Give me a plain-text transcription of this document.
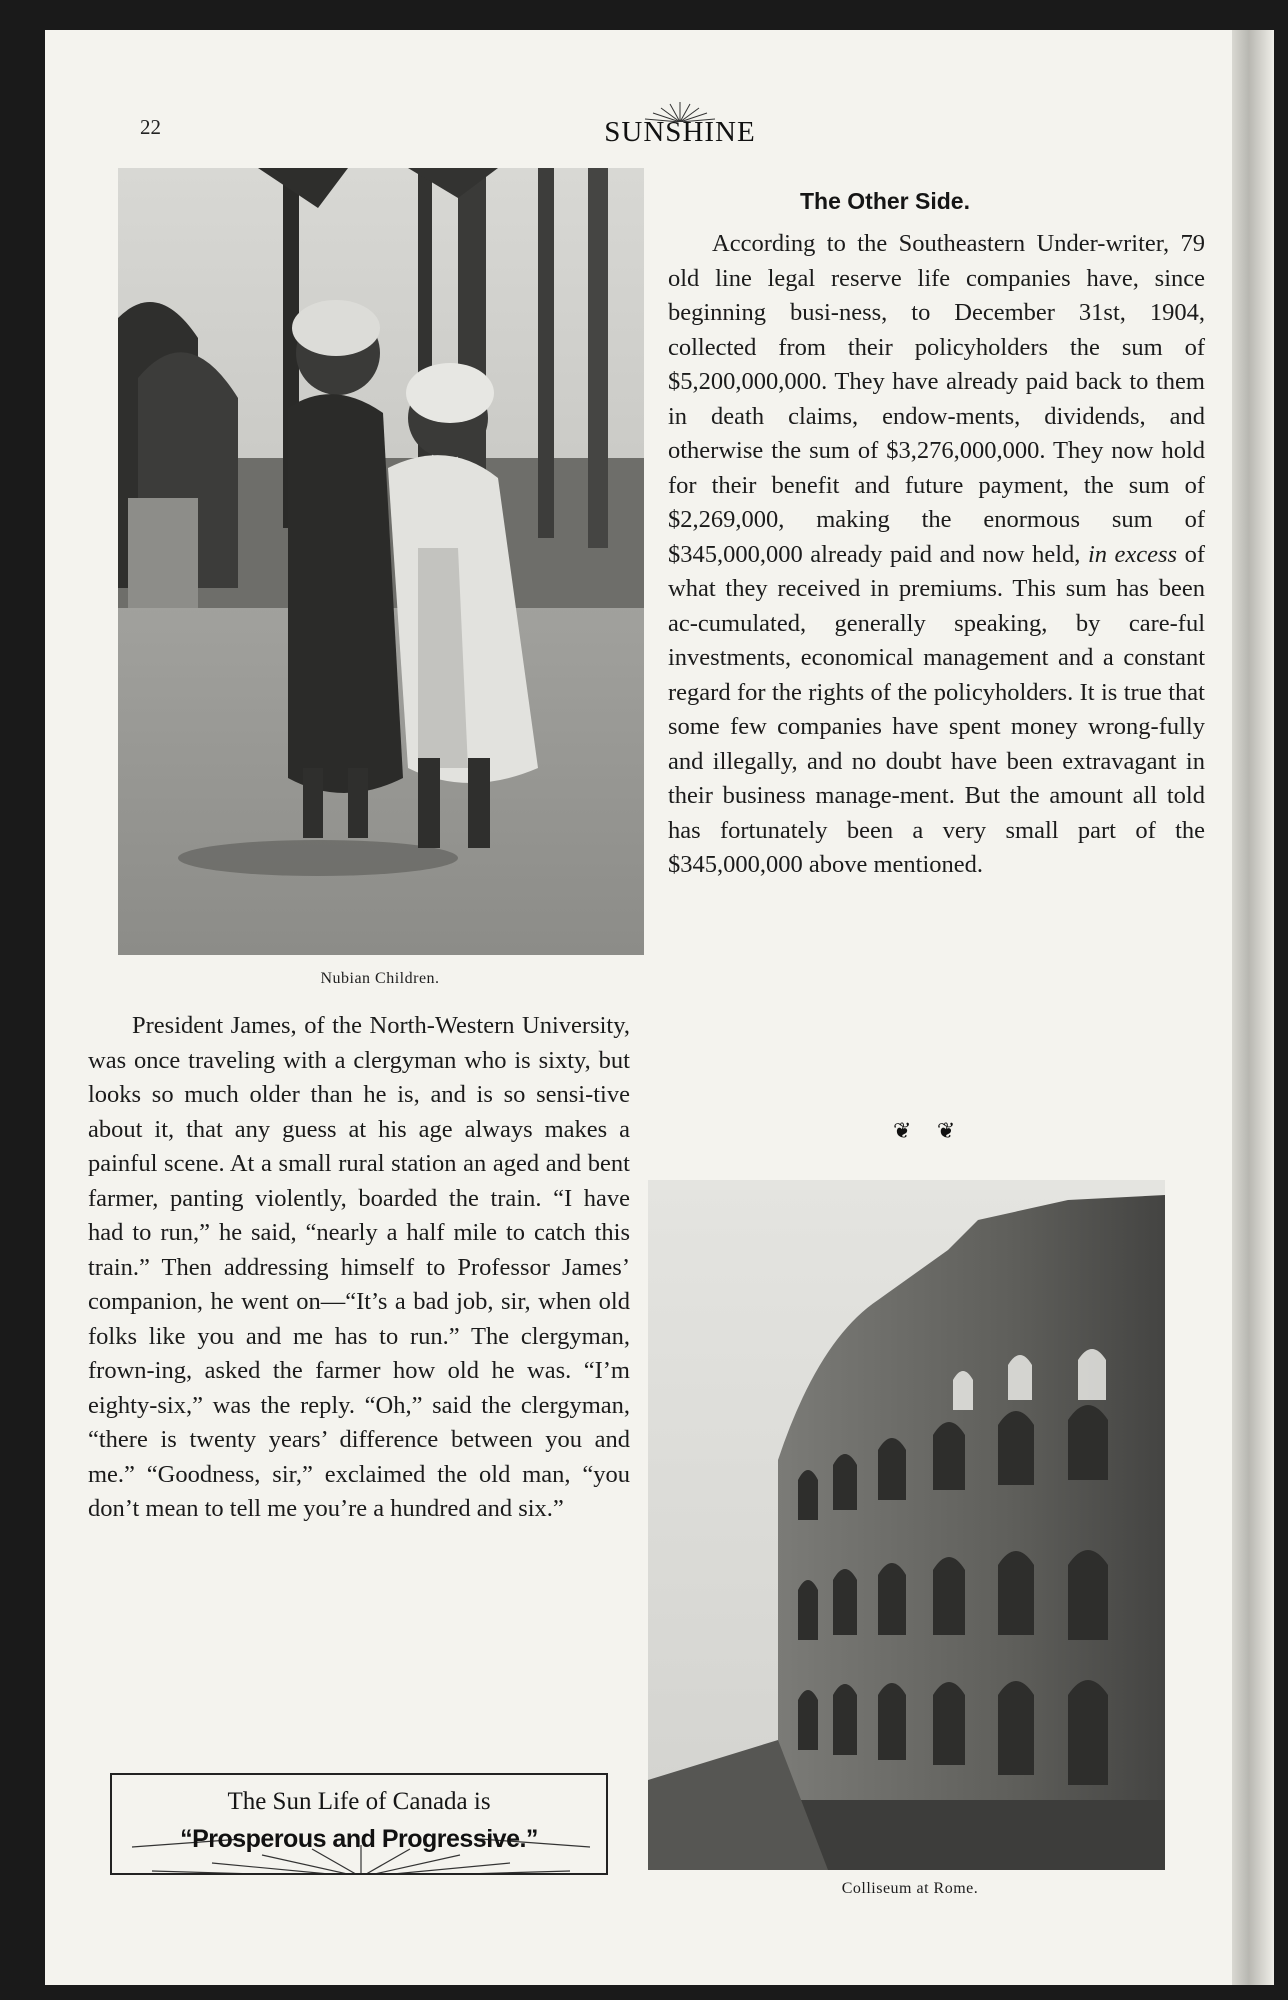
22	SUNSHINE
Nubian Children.

President James, of the North-Western University, was once traveling with a clergyman who is sixty, but looks so much older than he is, and is so sensi-tive about it, that any guess at his age always makes a painful scene. At a small rural station an aged and bent farmer, panting violently, boarded the train. “I have had to run,” he said, “nearly a half mile to catch this train.” Then addressing himself to Professor James’ companion, he went on—“It’s a bad job, sir, when old folks like you and me has to run.” The clergyman, frown-ing, asked the farmer how old he was. “I’m eighty-six,” was the reply. “Oh,” said the clergyman, “there is twenty years’ difference between you and me.” “Goodness, sir,” exclaimed the old man, “you don’t mean to tell me you’re a hundred and six.”

The Sun Life of Canada is
“Prosperous and Progressive.”
The Other Side.

According to the Southeastern Under-writer, 79 old line legal reserve life companies have, since beginning busi-ness, to December 31st, 1904, collected from their policyholders the sum of $5,200,000,000. They have already paid back to them in death claims, endow-ments, dividends, and otherwise the sum of $3,276,000,000. They now hold for their benefit and future payment, the sum of $2,269,000, making the enormous sum of $345,000,000 already paid and now held, in excess of what they received in premiums. This sum has been ac-cumulated, generally speaking, by care-ful investments, economical management and a constant regard for the rights of the policyholders. It is true that some few companies have spent money wrong-fully and illegally, and no doubt have been extravagant in their business manage-ment. But the amount all told has fortunately been a very small part of the $345,000,000 above mentioned.

❦ ❦
Colliseum at Rome.
